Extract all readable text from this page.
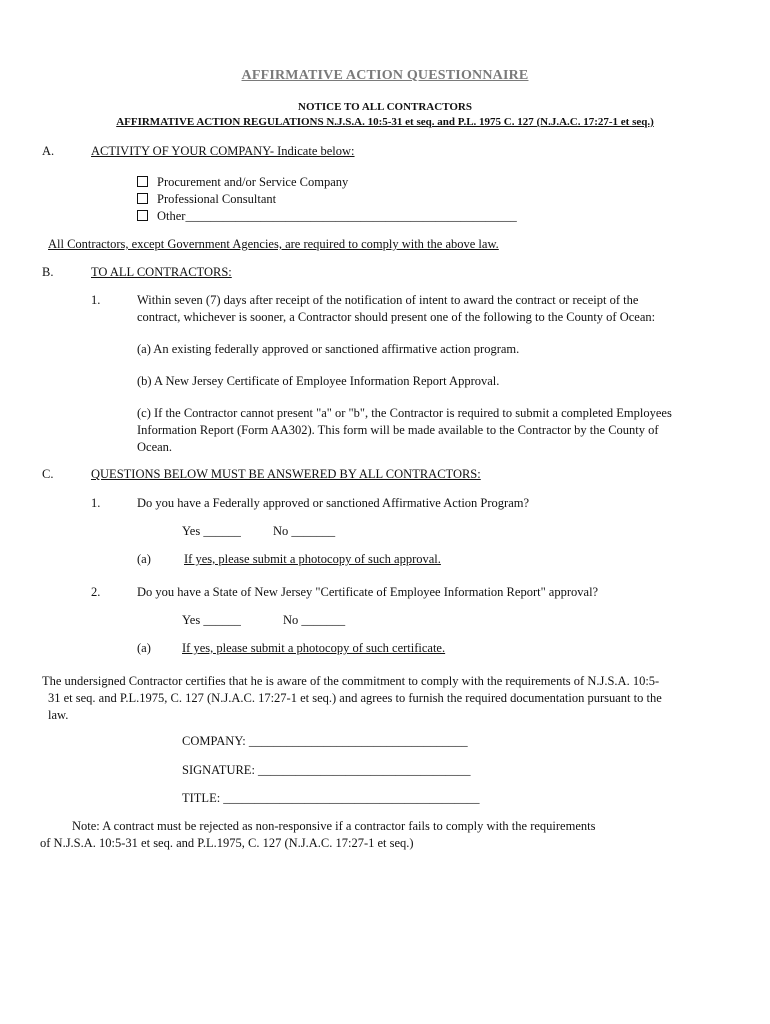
AFFIRMATIVE ACTION QUESTIONNAIRE
NOTICE TO ALL CONTRACTORS
AFFIRMATIVE ACTION REGULATIONS N.J.S.A. 10:5-31 et seq. and P.L. 1975 C. 127 (N.J.A.C. 17:27-1 et seq.)
A.	ACTIVITY OF YOUR COMPANY- Indicate below:
Procurement and/or Service Company
Professional Consultant
Other_____________________________________________________
All Contractors, except Government Agencies, are required to comply with the above law.
B.	TO ALL CONTRACTORS:
1.	Within seven (7) days after receipt of the notification of intent to award the contract or receipt of the
contract, whichever is sooner, a Contractor should present one of the following to the County of Ocean:
(a) An existing federally approved or sanctioned affirmative action program.
(b) A New Jersey Certificate of Employee Information Report Approval.
(c) If the Contractor cannot present "a" or "b", the Contractor is required to submit a completed Employees
Information Report (Form AA302). This form will be made available to the Contractor by the County of
Ocean.
C.	QUESTIONS BELOW MUST BE ANSWERED BY ALL CONTRACTORS:
1.	Do you have a Federally approved or sanctioned Affirmative Action Program?
Yes ______	No _______
(a)	If yes, please submit a photocopy of such approval.
2.	Do you have a State of New Jersey "Certificate of Employee Information Report" approval?
Yes ______	No _______
(a) If yes, please submit a photocopy of such certificate.
The undersigned Contractor certifies that he is aware of the commitment to comply with the requirements of N.J.S.A. 10:5-
31 et seq. and P.L.1975, C. 127 (N.J.A.C. 17:27-1 et seq.) and agrees to furnish the required documentation pursuant to the
law.
COMPANY: ___________________________________
SIGNATURE: __________________________________
TITLE: _________________________________________
Note: A contract must be rejected as non-responsive if a contractor fails to comply with the requirements
of N.J.S.A. 10:5-31 et seq. and P.L.1975, C. 127 (N.J.A.C. 17:27-1 et seq.)
